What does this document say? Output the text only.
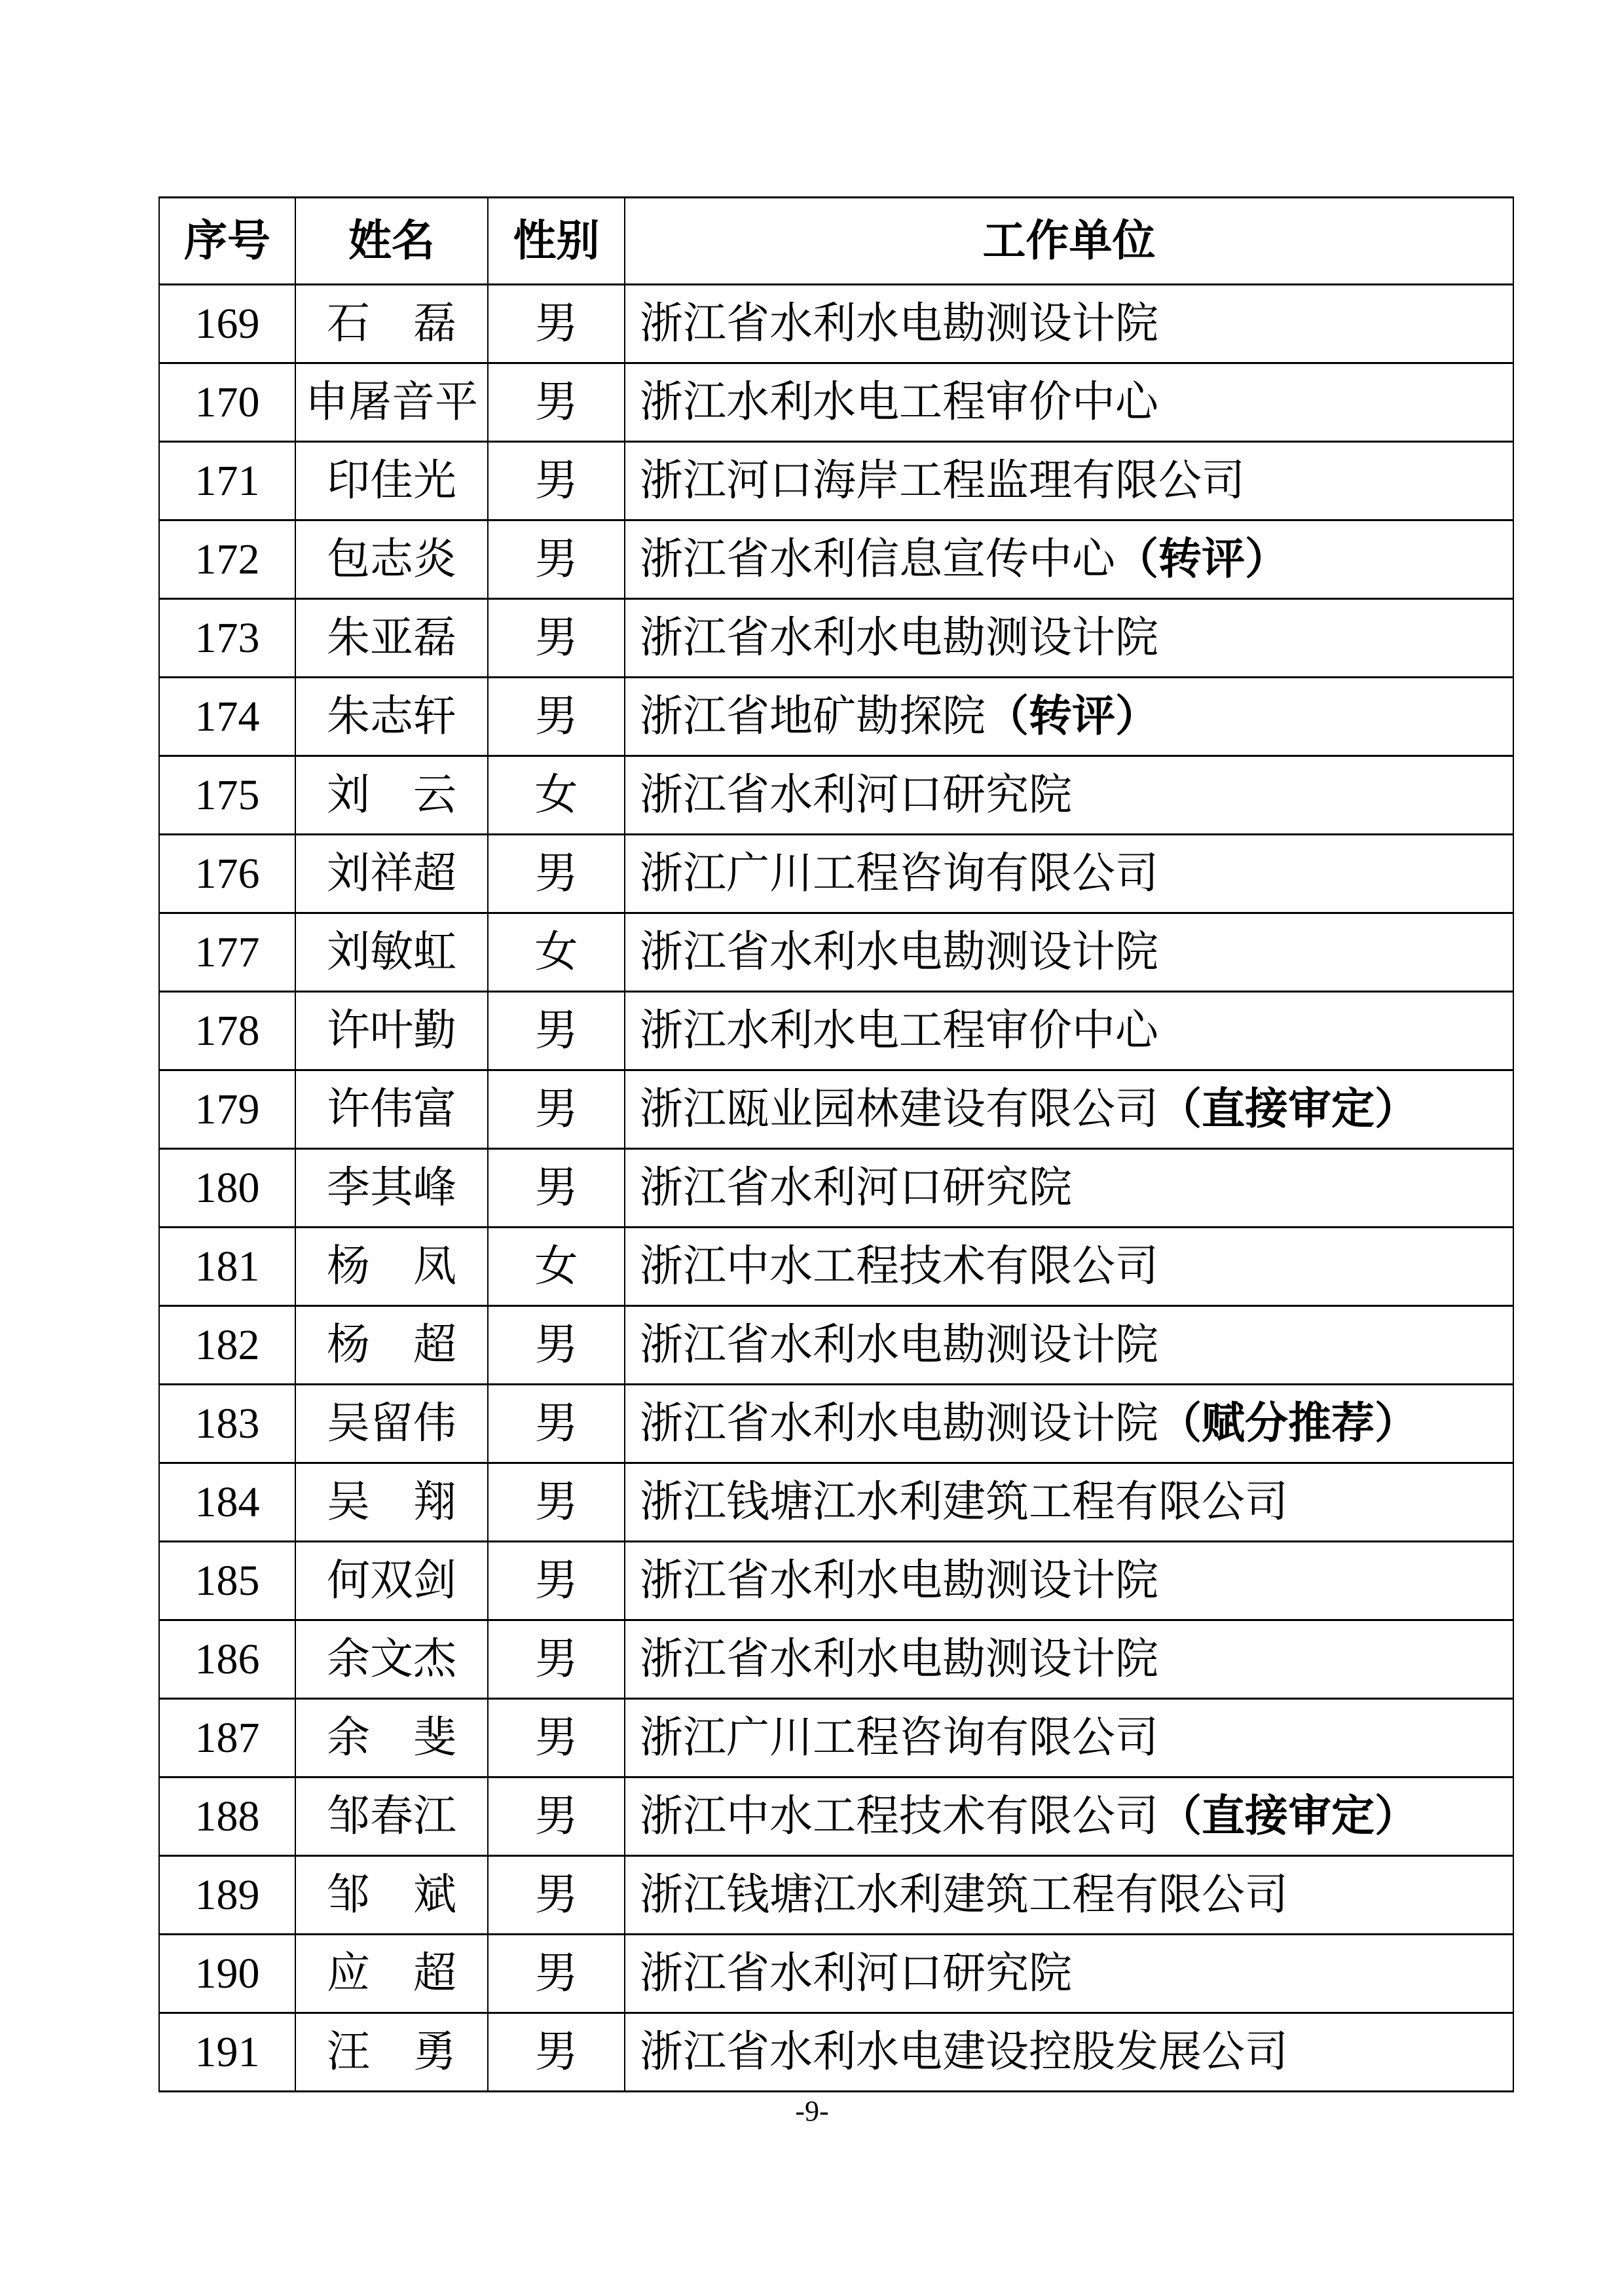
序号	姓名	性别	工作单位
169	石　磊	男	浙江省水利水电勘测设计院
170	申屠音平	男	浙江水利水电工程审价中心
171	印佳光	男	浙江河口海岸工程监理有限公司
172	包志炎	男	浙江省水利信息宣传中心（转评）
173	朱亚磊	男	浙江省水利水电勘测设计院
174	朱志轩	男	浙江省地矿勘探院（转评）
175	刘　云	女	浙江省水利河口研究院
176	刘祥超	男	浙江广川工程咨询有限公司
177	刘敏虹	女	浙江省水利水电勘测设计院
178	许叶勤	男	浙江水利水电工程审价中心
179	许伟富	男	浙江瓯业园林建设有限公司（直接审定）
180	李其峰	男	浙江省水利河口研究院
181	杨　凤	女	浙江中水工程技术有限公司
182	杨　超	男	浙江省水利水电勘测设计院
183	吴留伟	男	浙江省水利水电勘测设计院（赋分推荐）
184	吴　翔	男	浙江钱塘江水利建筑工程有限公司
185	何双剑	男	浙江省水利水电勘测设计院
186	余文杰	男	浙江省水利水电勘测设计院
187	余　斐	男	浙江广川工程咨询有限公司
188	邹春江	男	浙江中水工程技术有限公司（直接审定）
189	邹　斌	男	浙江钱塘江水利建筑工程有限公司
190	应　超	男	浙江省水利河口研究院
191	汪　勇	男	浙江省水利水电建设控股发展公司
-9-
